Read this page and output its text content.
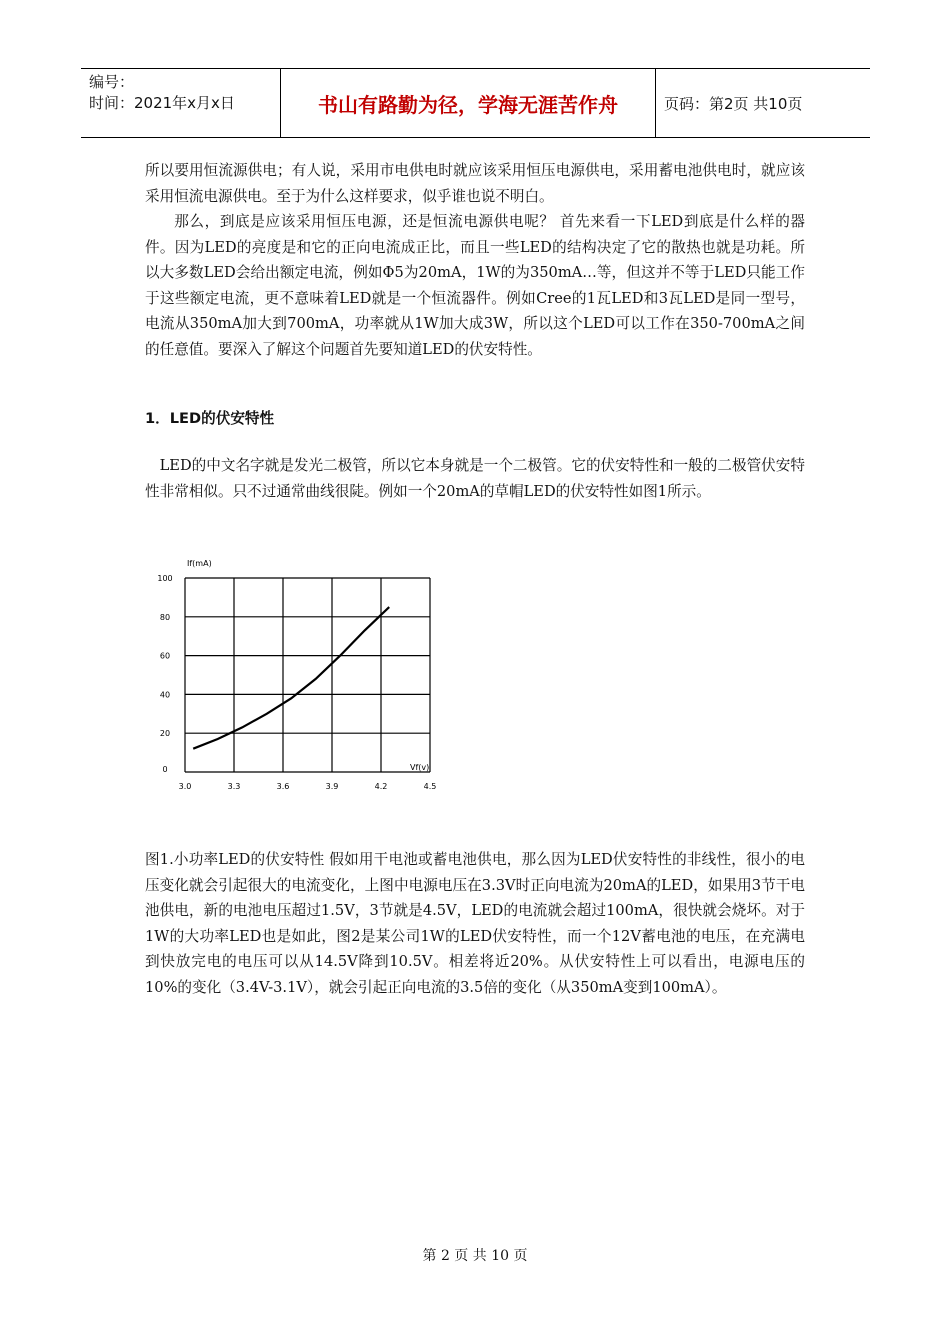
编号：
时间：2021年x月x日	书山有路勤为径，学海无涯苦作舟	页码：第2页 共10页

所以要用恒流源供电；有人说，采用市电供电时就应该采用恒压电源供电，采用蓄电池供电时，就应该采用恒流电源供电。至于为什么这样要求，似乎谁也说不明白。

那么，到底是应该采用恒压电源，还是恒流电源供电呢？ 首先来看一下LED到底是什么样的器件。因为LED的亮度是和它的正向电流成正比，而且一些LED的结构决定了它的散热也就是功耗。所以大多数LED会给出额定电流，例如Φ5为20mA，1W的为350mA…等，但这并不等于LED只能工作于这些额定电流，更不意味着LED就是一个恒流器件。例如Cree的1瓦LED和3瓦LED是同一型号，电流从350mA加大到700mA，功率就从1W加大成3W，所以这个LED可以工作在350-700mA之间的任意值。要深入了解这个问题首先要知道LED的伏安特性。

1．LED的伏安特性

LED的中文名字就是发光二极管，所以它本身就是一个二极管。它的伏安特性和一般的二极管伏安特性非常相似。只不过通常曲线很陡。例如一个20mA的草帽LED的伏安特性如图1所示。

3.0	3.3	3.6	3.9	4.2	4.5
100
80
60
40
20
0
If(mA)
Vf(v)

图1.小功率LED的伏安特性 假如用干电池或蓄电池供电，那么因为LED伏安特性的非线性，很小的电压变化就会引起很大的电流变化，上图中电源电压在3.3V时正向电流为20mA的LED，如果用3节干电池供电，新的电池电压超过1.5V，3节就是4.5V，LED的电流就会超过100mA，很快就会烧坏。对于1W的大功率LED也是如此，图2是某公司1W的LED伏安特性，而一个12V蓄电池的电压，在充满电到快放完电的电压可以从14.5V降到10.5V。相差将近20%。从伏安特性上可以看出，电源电压的10%的变化（3.4V-3.1V），就会引起正向电流的3.5倍的变化（从350mA变到100mA）。

第 2 页 共 10 页
